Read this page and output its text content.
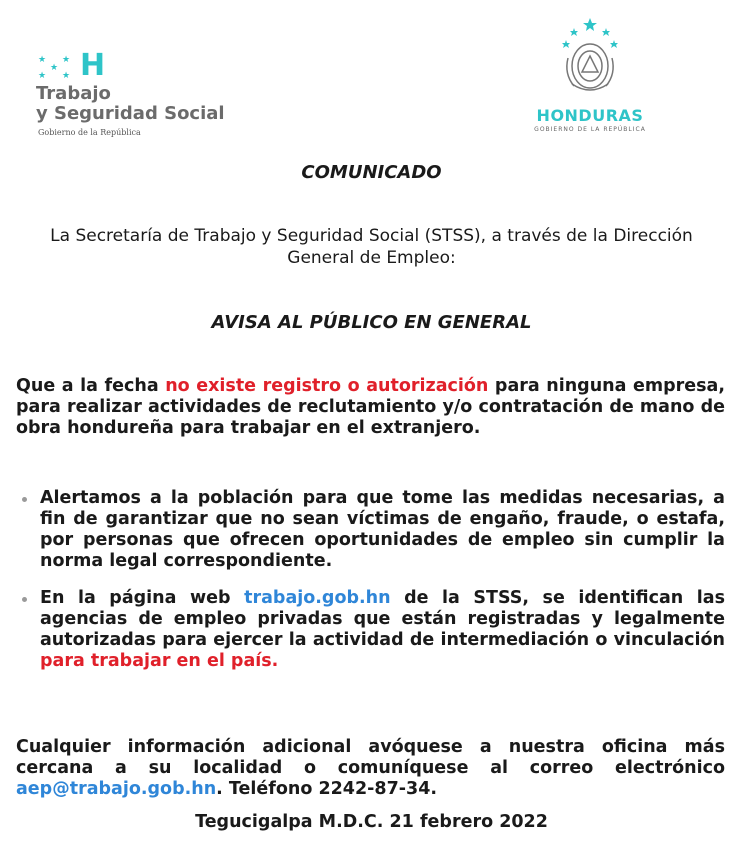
★ ★
★
★ ★ H
Trabajo
y Seguridad Social
Gobierno de la República
HONDURAS
GOBIERNO DE LA REPÚBLICA
COMUNICADO
La Secretaría de Trabajo y Seguridad Social (STSS), a través de la Dirección General de Empleo:
AVISA AL PÚBLICO EN GENERAL
Que a la fecha no existe registro o autorización para ninguna empresa, para realizar actividades de reclutamiento y/o contratación de mano de obra hondureña para trabajar en el extranjero.
Alertamos a la población para que tome las medidas necesarias, a fin de garantizar que no sean víctimas de engaño, fraude, o estafa, por personas que ofrecen oportunidades de empleo sin cumplir la norma legal correspondiente.
En la página web trabajo.gob.hn de la STSS, se identifican las agencias de empleo privadas que están registradas y legalmente autorizadas para ejercer la actividad de intermediación o vinculación para trabajar en el país.
Cualquier información adicional avóquese a nuestra oficina más cercana a su localidad o comuníquese al correo electrónico aep@trabajo.gob.hn. Teléfono 2242-87-34.
Tegucigalpa M.D.C. 21 febrero 2022
